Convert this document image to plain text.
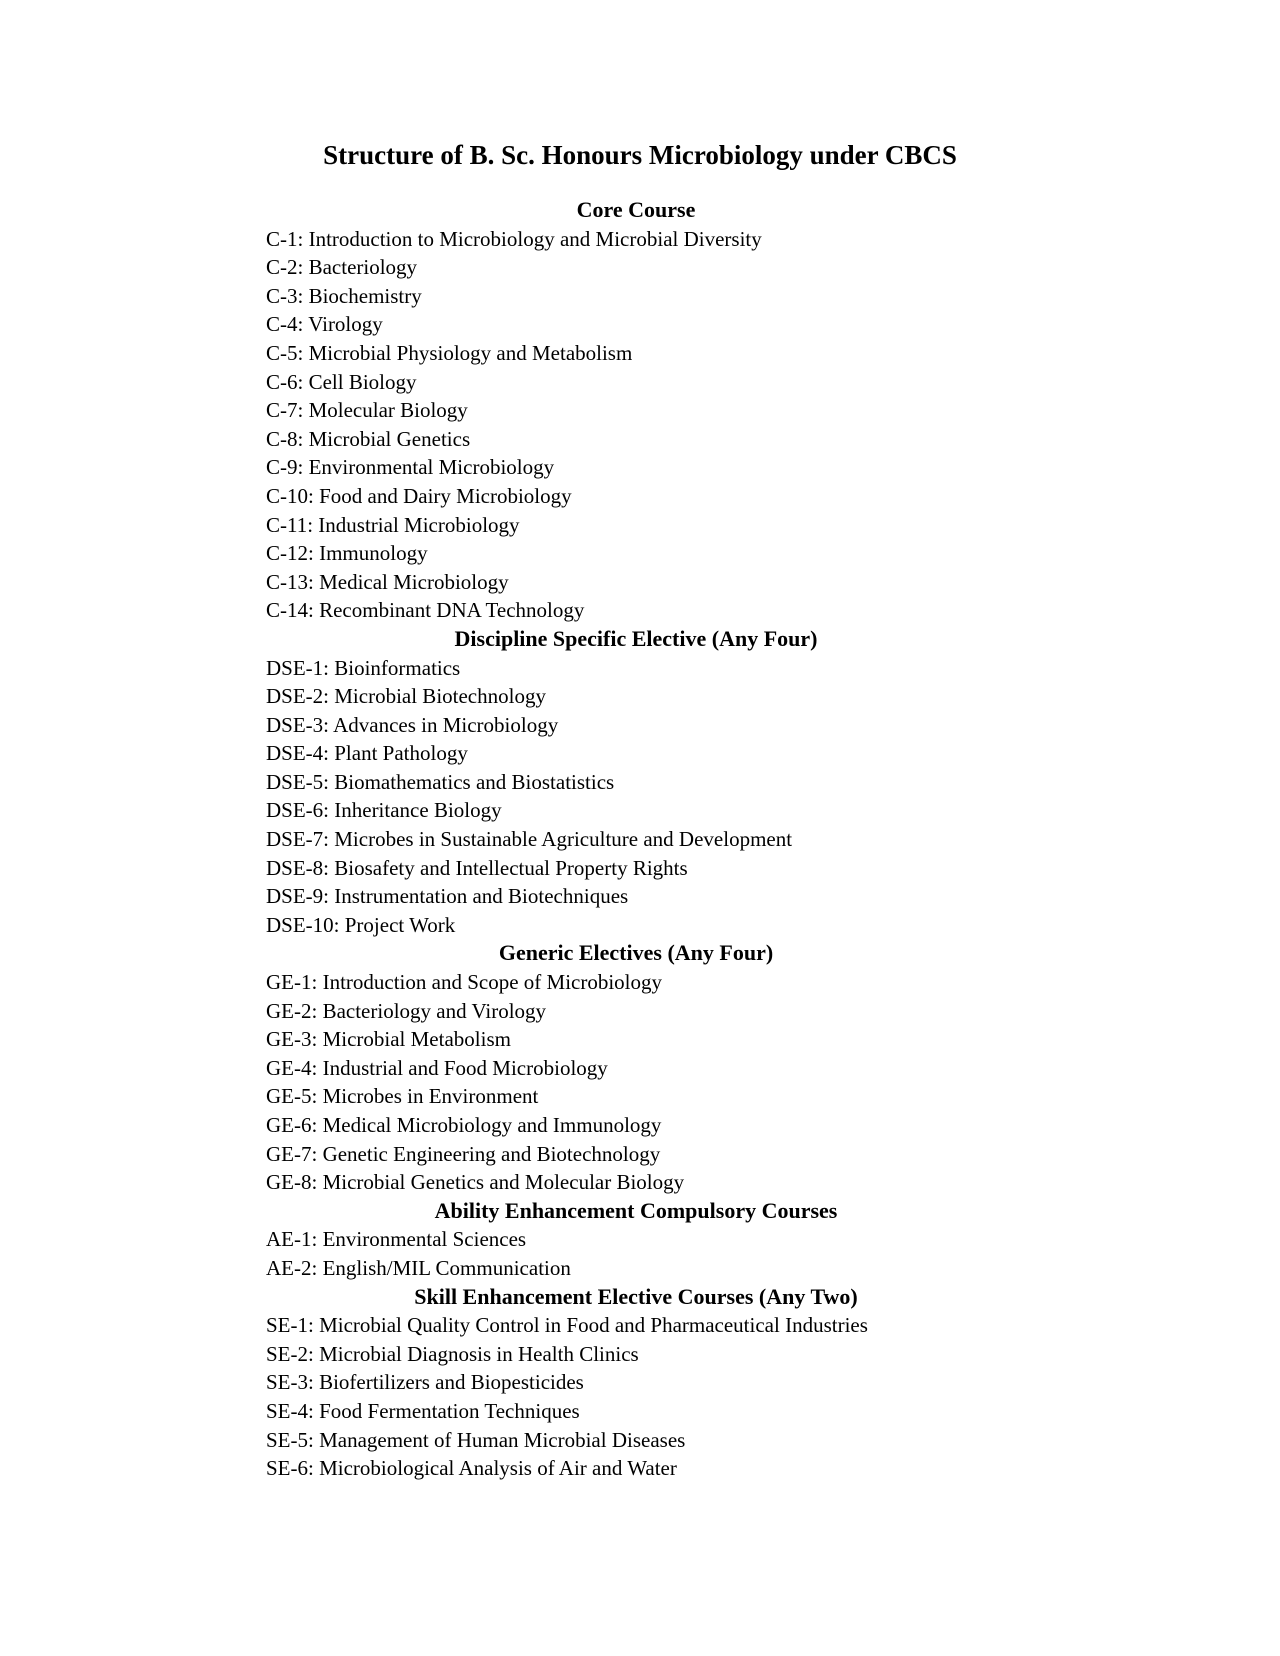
Structure of B. Sc. Honours Microbiology under CBCS
Core Course
C-1: Introduction to Microbiology and Microbial Diversity
C-2: Bacteriology
C-3: Biochemistry
C-4: Virology
C-5: Microbial Physiology and Metabolism
C-6: Cell Biology
C-7: Molecular Biology
C-8: Microbial Genetics
C-9: Environmental Microbiology
C-10: Food and Dairy Microbiology
C-11: Industrial Microbiology
C-12: Immunology
C-13: Medical Microbiology
C-14: Recombinant DNA Technology
Discipline Specific Elective (Any Four)
DSE-1: Bioinformatics
DSE-2: Microbial Biotechnology
DSE-3: Advances in Microbiology
DSE-4: Plant Pathology
DSE-5: Biomathematics and Biostatistics
DSE-6: Inheritance Biology
DSE-7: Microbes in Sustainable Agriculture and Development
DSE-8: Biosafety and Intellectual Property Rights
DSE-9: Instrumentation and Biotechniques
DSE-10: Project Work
Generic Electives (Any Four)
GE-1: Introduction and Scope of Microbiology
GE-2: Bacteriology and Virology
GE-3: Microbial Metabolism
GE-4: Industrial and Food Microbiology
GE-5: Microbes in Environment
GE-6: Medical Microbiology and Immunology
GE-7: Genetic Engineering and Biotechnology
GE-8: Microbial Genetics and Molecular Biology
Ability Enhancement Compulsory Courses
AE-1: Environmental Sciences
AE-2: English/MIL Communication
Skill Enhancement Elective Courses (Any Two)
SE-1: Microbial Quality Control in Food and Pharmaceutical Industries
SE-2: Microbial Diagnosis in Health Clinics
SE-3: Biofertilizers and Biopesticides
SE-4: Food Fermentation Techniques
SE-5: Management of Human Microbial Diseases
SE-6: Microbiological Analysis of Air and Water
